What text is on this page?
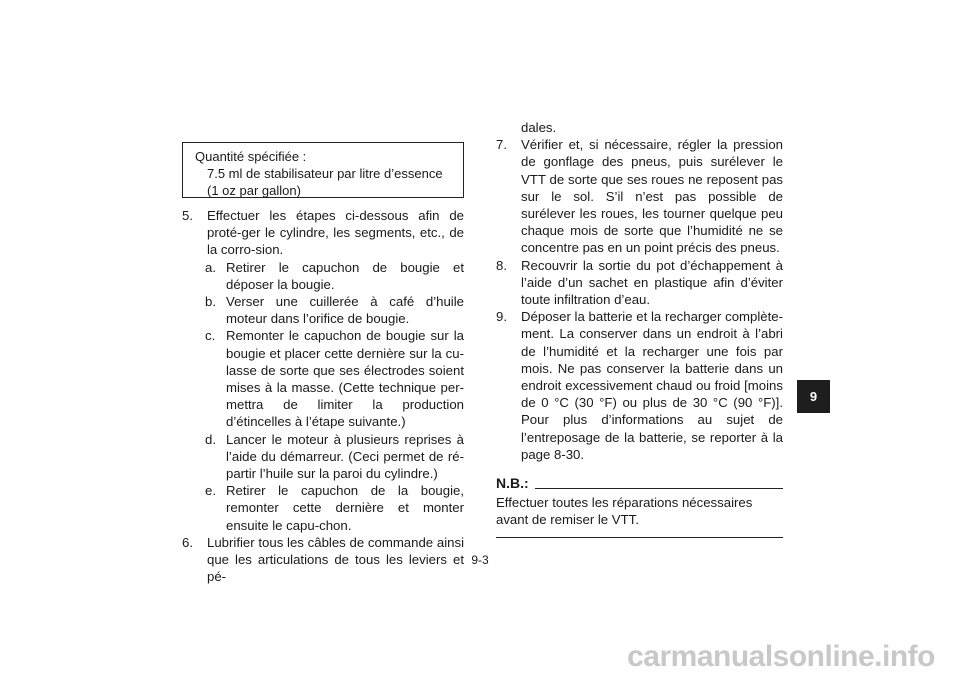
Quantité spécifiée :
7.5 ml de stabilisateur par litre d’essence
(1 oz par gallon)

5. Effectuer les étapes ci-dessous afin de proté-ger le cylindre, les segments, etc., de la corro-sion.

a. Retirer le capuchon de bougie et déposer la bougie.

b. Verser une cuillerée à café d’huile moteur dans l’orifice de bougie.

c. Remonter le capuchon de bougie sur la bougie et placer cette dernière sur la cu-lasse de sorte que ses électrodes soient mises à la masse. (Cette technique per-mettra de limiter la production d’étincelles à l’étape suivante.)

d. Lancer le moteur à plusieurs reprises à l’aide du démarreur. (Ceci permet de ré-partir l’huile sur la paroi du cylindre.)

e. Retirer le capuchon de la bougie, remonter cette dernière et monter ensuite le capu-chon.

6. Lubrifier tous les câbles de commande ainsi que les articulations de tous les leviers et pé-

dales.

7. Vérifier et, si nécessaire, régler la pression de gonflage des pneus, puis surélever le VTT de sorte que ses roues ne reposent pas sur le sol. S’il n’est pas possible de surélever les roues, les tourner quelque peu chaque mois de sorte que l’humidité ne se concentre pas en un point précis des pneus.

8. Recouvrir la sortie du pot d’échappement à l’aide d’un sachet en plastique afin d’éviter toute infiltration d’eau.

9. Déposer la batterie et la recharger complète-ment. La conserver dans un endroit à l’abri de l’humidité et la recharger une fois par mois. Ne pas conserver la batterie dans un endroit excessivement chaud ou froid [moins de 0 °C (30 °F) ou plus de 30 °C (90 °F)]. Pour plus d’informations au sujet de l’entreposage de la batterie, se reporter à la page 8-30.

N.B.:

Effectuer toutes les réparations nécessaires avant de remiser le VTT.

9
9-3
carmanualsonline.info
